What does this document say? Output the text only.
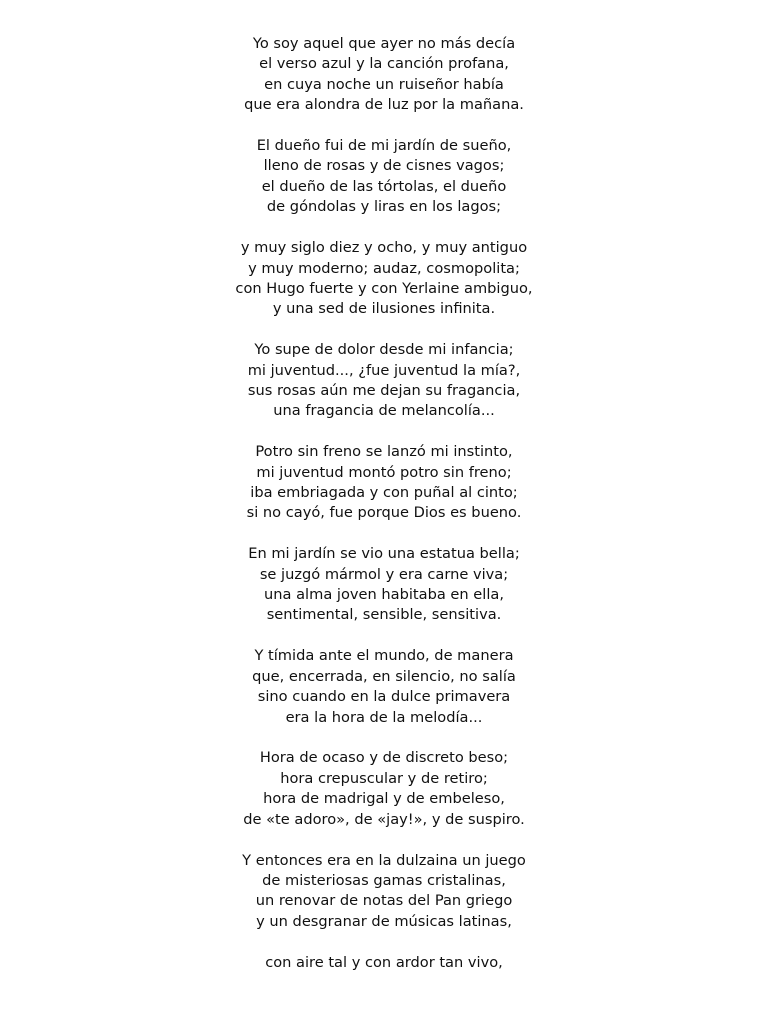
Yo soy aquel que ayer no más decía
el verso azul y la canción profana,
en cuya noche un ruiseñor había
que era alondra de luz por la mañana.
El dueño fui de mi jardín de sueño,
lleno de rosas y de cisnes vagos;
el dueño de las tórtolas, el dueño
de góndolas y liras en los lagos;
y muy siglo diez y ocho, y muy antiguo
y muy moderno; audaz, cosmopolita;
con Hugo fuerte y con Yerlaine ambiguo,
y una sed de ilusiones infinita.
Yo supe de dolor desde mi infancia;
mi juventud..., ¿fue juventud la mía?,
sus rosas aún me dejan su fragancia,
una fragancia de melancolía...
Potro sin freno se lanzó mi instinto,
mi juventud montó potro sin freno;
iba embriagada y con puñal al cinto;
si no cayó, fue porque Dios es bueno.
En mi jardín se vio una estatua bella;
se juzgó mármol y era carne viva;
una alma joven habitaba en ella,
sentimental, sensible, sensitiva.
Y tímida ante el mundo, de manera
que, encerrada, en silencio, no salía
sino cuando en la dulce primavera
era la hora de la melodía...
Hora de ocaso y de discreto beso;
hora crepuscular y de retiro;
hora de madrigal y de embeleso,
de «te adoro», de «jay!», y de suspiro.
Y entonces era en la dulzaina un juego
de misteriosas gamas cristalinas,
un renovar de notas del Pan griego
y un desgranar de músicas latinas,
con aire tal y con ardor tan vivo,
